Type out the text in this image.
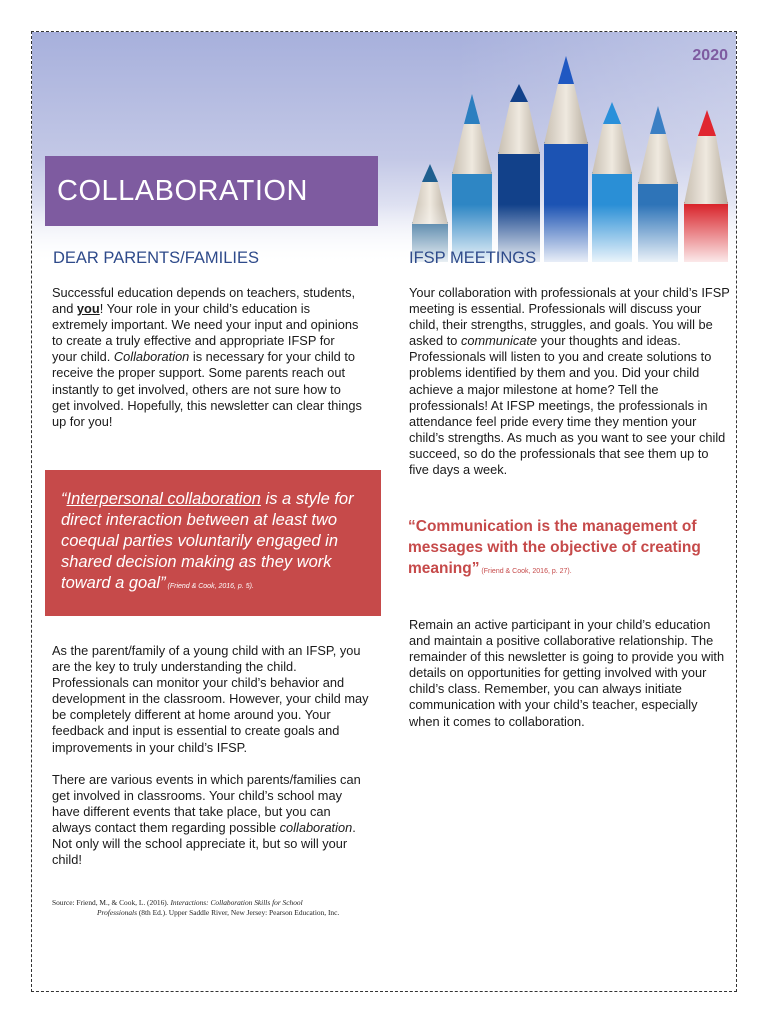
2020
COLLABORATION
DEAR PARENTS/FAMILIES

Successful education depends on teachers, students, and you! Your role in your child’s education is extremely important. We need your input and opinions to create a truly effective and appropriate IFSP for your child. Collaboration is necessary for your child to receive the proper support. Some parents reach out instantly to get involved, others are not sure how to get involved. Hopefully, this newsletter can clear things up for you!

“Interpersonal collaboration is a style for direct interaction between at least two coequal parties voluntarily engaged in shared decision making as they work toward a goal” (Friend & Cook, 2016, p. 5).

As the parent/family of a young child with an IFSP, you are the key to truly understanding the child. Professionals can monitor your child’s behavior and development in the classroom. However, your child may be completely different at home around you. Your feedback and input is essential to create goals and improvements in your child’s IFSP.

There are various events in which parents/families can get involved in classrooms. Your child’s school may have different events that take place, but you can always contact them regarding possible collaboration. Not only will the school appreciate it, but so will your child!

Source: Friend, M., & Cook, L. (2016). Interactions: Collaboration Skills for School
Professionals (8th Ed.). Upper Saddle River, New Jersey: Pearson Education, Inc.
IFSP MEETINGS

Your collaboration with professionals at your child’s IFSP meeting is essential. Professionals will discuss your child, their strengths, struggles, and goals. You will be asked to communicate your thoughts and ideas. Professionals will listen to you and create solutions to problems identified by them and you. Did your child achieve a major milestone at home? Tell the professionals! At IFSP meetings, the professionals in attendance feel pride every time they mention your child’s strengths. As much as you want to see your child succeed, so do the professionals that see them up to five days a week.

“Communication is the management of messages with the objective of creating meaning” (Friend & Cook, 2016, p. 27).
Remain an active participant in your child’s education and maintain a positive collaborative relationship. The remainder of this newsletter is going to provide you with details on opportunities for getting involved with your child’s class. Remember, you can always initiate communication with your child’s teacher, especially when it comes to collaboration.
